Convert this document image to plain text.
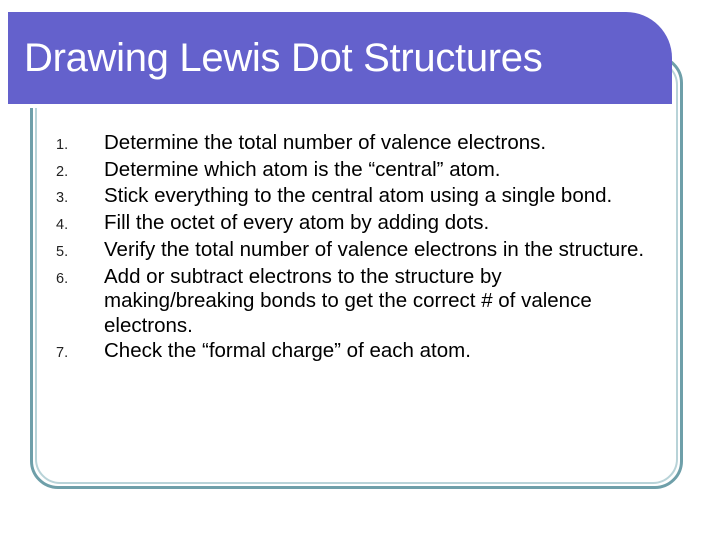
Drawing Lewis Dot Structures
1.	Determine the total number of valence electrons.
2.	Determine which atom is the “central” atom.
3.	Stick everything to the central atom using a single bond.
4.	Fill the octet of every atom by adding dots.
5.	Verify the total number of valence electrons in the structure.
6.	Add or subtract electrons to the structure by making/breaking bonds to get the correct # of valence electrons.
7.	Check the “formal charge” of each atom.
